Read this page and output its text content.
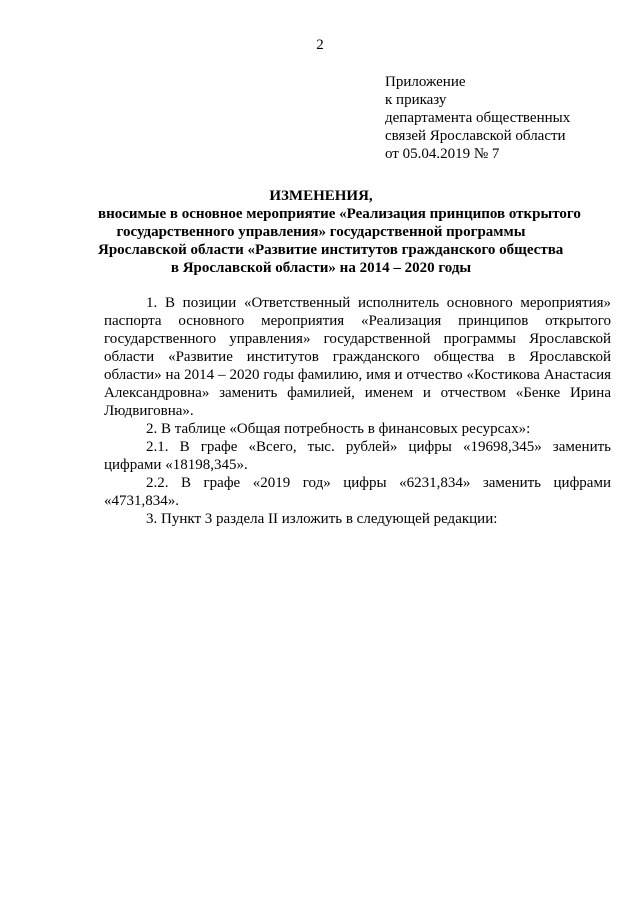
2
Приложение
к приказу
департамента общественных
связей Ярославской области
от 05.04.2019 № 7
ИЗМЕНЕНИЯ,
вносимые в основное мероприятие «Реализация принципов открытого
государственного управления» государственной программы
Ярославской области «Развитие институтов гражданского общества
в Ярославской области» на 2014 – 2020 годы

1. В позиции «Ответственный исполнитель основного мероприятия» паспорта основного мероприятия «Реализация принципов открытого государственного управления» государственной программы Ярославской области «Развитие институтов гражданского общества в Ярославской области» на 2014 – 2020 годы фамилию, имя и отчество «Костикова Анастасия Александровна» заменить фамилией, именем и отчеством «Бенке Ирина Людвиговна».

2. В таблице «Общая потребность в финансовых ресурсах»:

2.1. В графе «Всего, тыс. рублей» цифры «19698,345» заменить цифрами «18198,345».

2.2. В графе «2019 год» цифры «6231,834» заменить цифрами «4731,834».

3. Пункт 3 раздела II изложить в следующей редакции:
